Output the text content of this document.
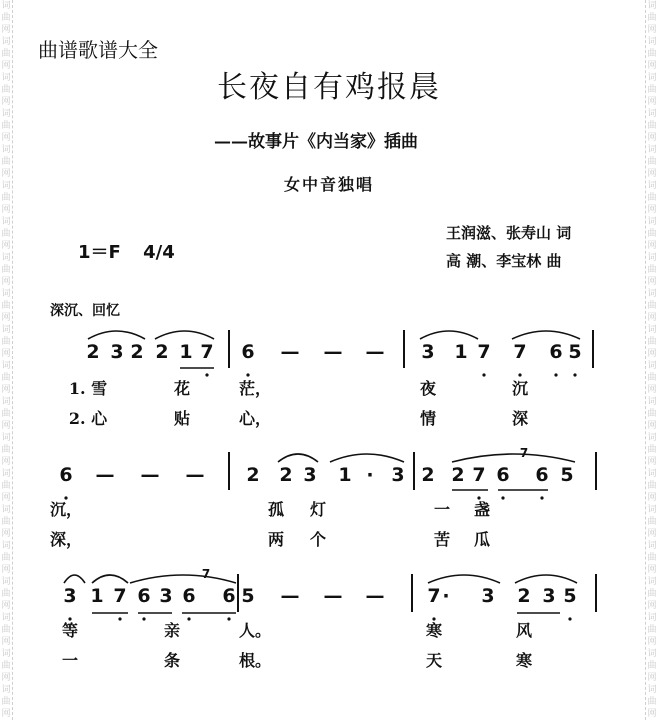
词曲网词曲网词曲网词曲网词曲网词曲网词曲网词曲网词曲网词曲网词曲网词曲网词曲网词曲网词曲网词曲网词曲网词曲网词曲网词曲网
词曲网词曲网词曲网词曲网词曲网词曲网词曲网词曲网词曲网词曲网词曲网词曲网词曲网词曲网词曲网词曲网词曲网词曲网词曲网词曲网
曲谱歌谱大全
长夜自有鸡报晨
——故事片《内当家》插曲
女中音独唱
1＝F 4/4
王润滋、张寿山 词
高 潮、李宝林 曲
深沉、回忆
2 3 2 2 1 7 6 — — — 3 1 7 7 6 5
1. 雪	花	茫，	夜	沉
2. 心	贴	心，	情	深
6 — — — 2 2 3 1 · 3 2 2 7 6 6 5
沉，	孤 灯	一 盏
深，	两 个	苦 瓜
3 1 7 6 3 6 6 5 — — — 7 · 3 2 3 5
等	亲	人。	寒	风
一	条	根。	天	寒
7
7
